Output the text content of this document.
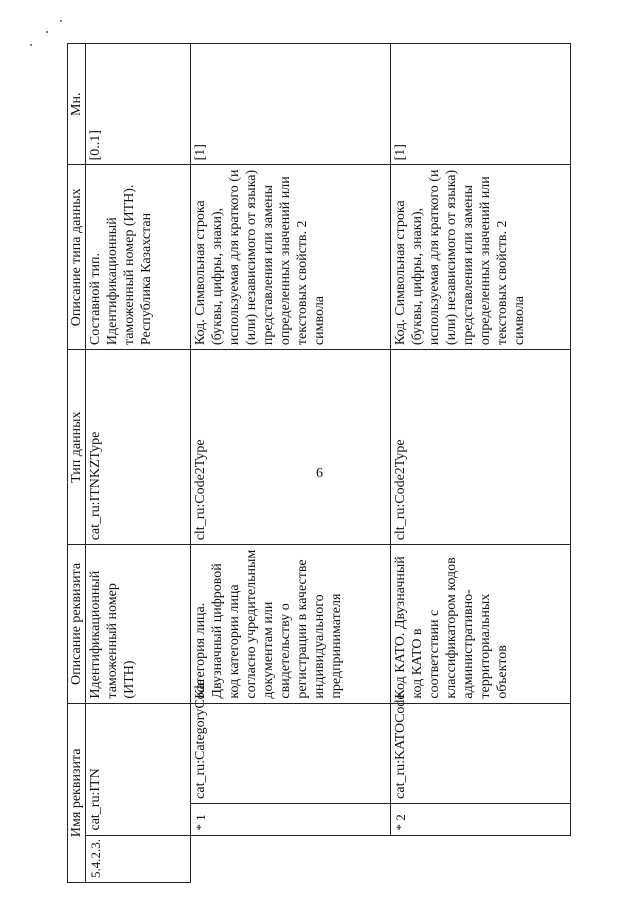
6
Имя реквизита			Описание реквизита	Тип данных	Описание типа данных	Мн.
5.4.2.3.	cat_ru:ITN		Идентификационный таможенный номер (ИТН)	cat_ru:ITNKZType	Составной тип. Идентификационный таможенный номер (ИТН). Республика Казахстан	[0..1]
	* 1	cat_ru:CategoryCode	Категория лица. Двузначный цифровой код категории лица согласно учредительным документам или свидетельству о регистрации в качестве индивидуального предпринимателя	clt_ru:Code2Type	Код. Символьная строка (буквы, цифры, знаки), используемая для краткого (и (или) независимого от языка) представления или замены определенных значений или текстовых свойств. 2 символа	[1]
	* 2	cat_ru:KATOCode	Код КАТО. Двузначный код КАТО в соответствии с классификатором кодов административно-территориальных объектов	clt_ru:Code2Type	Код. Символьная строка (буквы, цифры, знаки), используемая для краткого (и (или) независимого от языка) представления или замены определенных значений или текстовых свойств. 2 символа	[1]
